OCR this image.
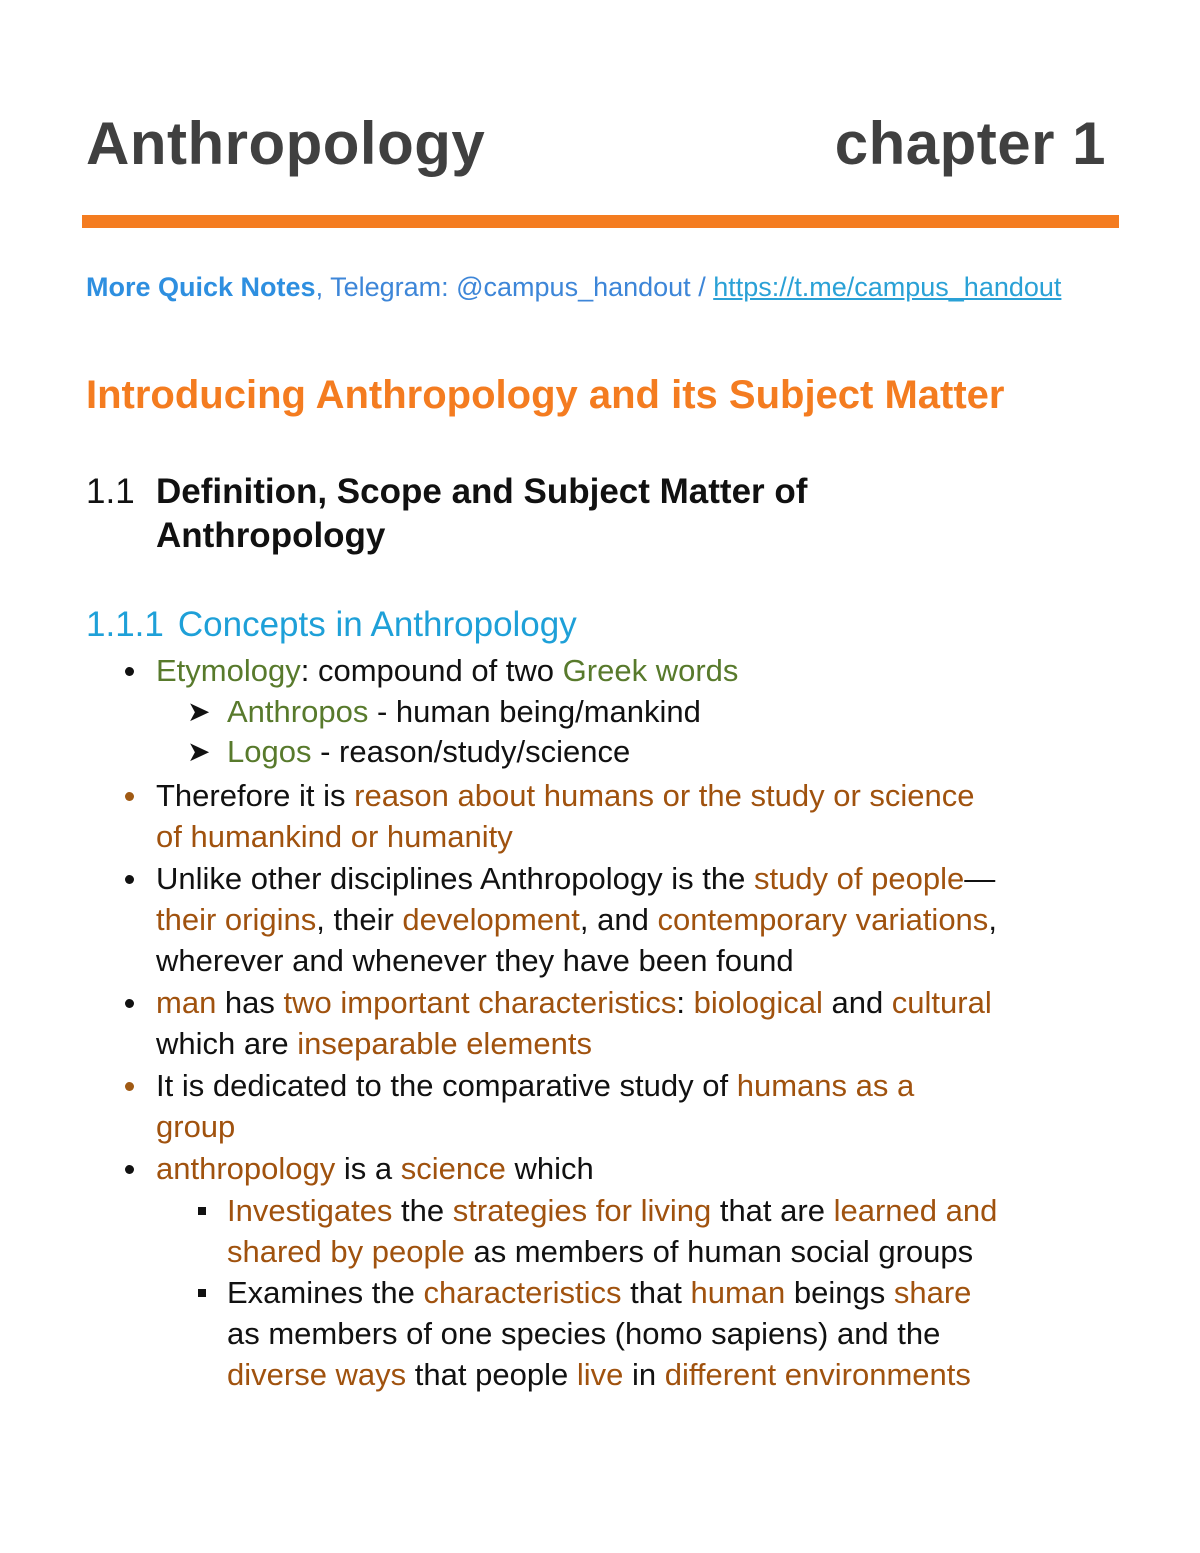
Anthropology	chapter 1
More Quick Notes, Telegram: @campus_handout / https://t.me/campus_handout
Introducing Anthropology and its Subject Matter
1.1 Definition, Scope and Subject Matter of
Anthropology
1.1.1 Concepts in Anthropology
Etymology: compound of two Greek words
➤ Anthropos - human being/mankind
➤ Logos - reason/study/science
Therefore it is reason about humans or the study or science
of humankind or humanity
Unlike other disciplines Anthropology is the study of people—
their origins, their development, and contemporary variations,
wherever and whenever they have been found
man has two important characteristics: biological and cultural
which are inseparable elements
It is dedicated to the comparative study of humans as a
group
anthropology is a science which
Investigates the strategies for living that are learned and
shared by people as members of human social groups
Examines the characteristics that human beings share
as members of one species (homo sapiens) and the
diverse ways that people live in different environments
